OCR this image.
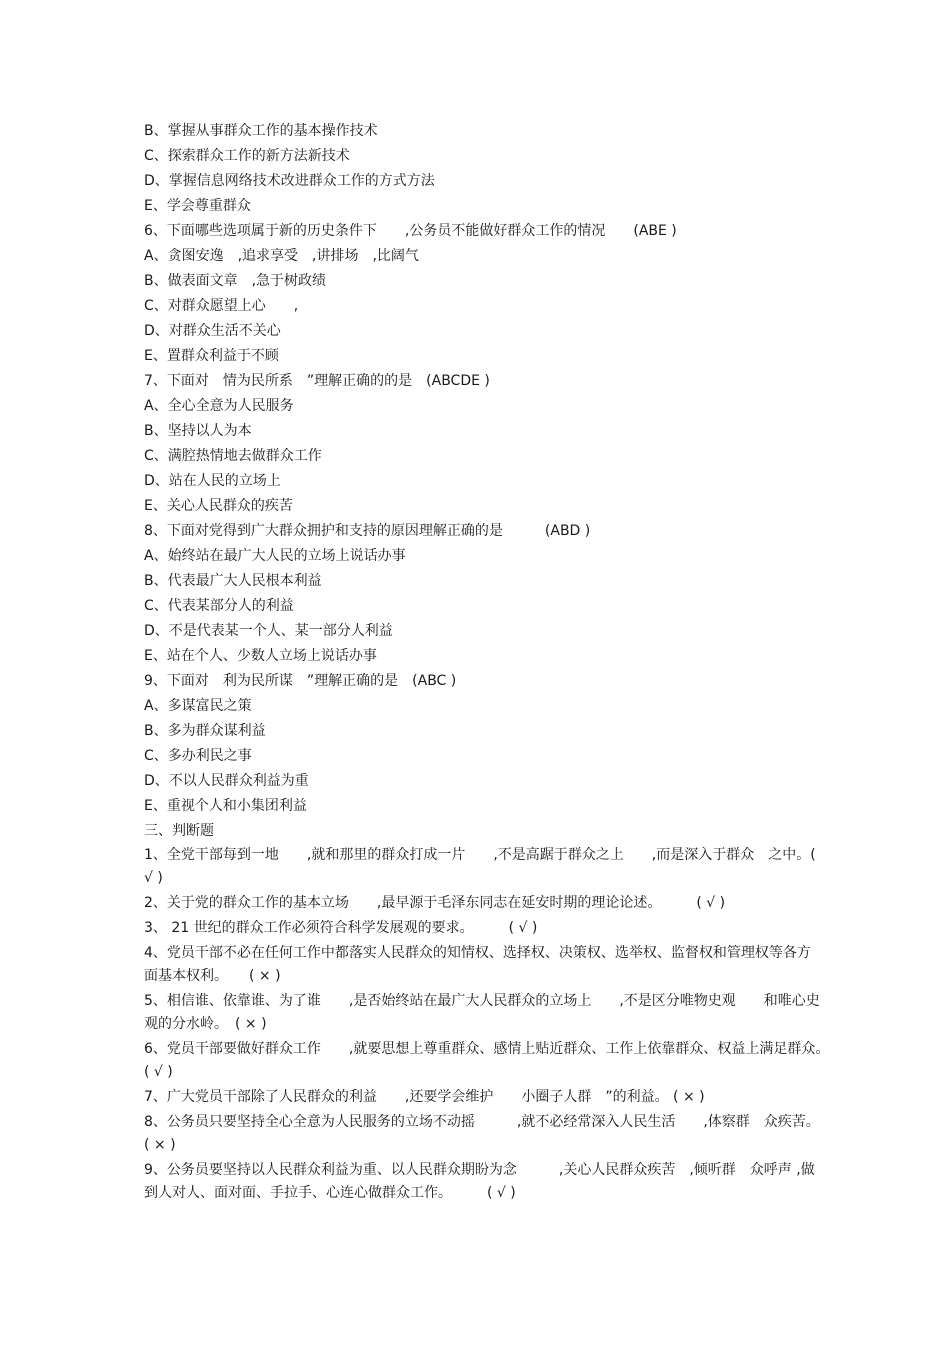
B、掌握从事群众工作的基本操作技术
C、探索群众工作的新方法新技术
D、掌握信息网络技术改进群众工作的方式方法
E、学会尊重群众
6、下面哪些选项属于新的历史条件下　　,公务员不能做好群众工作的情况　　(ABE )
A、贪图安逸　,追求享受　,讲排场　,比阔气
B、做表面文章　,急于树政绩
C、对群众愿望上心　　,
D、对群众生活不关心
E、置群众利益于不顾
7、下面对　情为民所系　”理解正确的的是　(ABCDE )
A、全心全意为人民服务
B、坚持以人为本
C、满腔热情地去做群众工作
D、站在人民的立场上
E、关心人民群众的疾苦
8、下面对党得到广大群众拥护和支持的原因理解正确的是　　　(ABD )
A、始终站在最广大人民的立场上说话办事
B、代表最广大人民根本利益
C、代表某部分人的利益
D、不是代表某一个人、某一部分人利益
E、站在个人、少数人立场上说话办事
9、下面对　利为民所谋　”理解正确的是　(ABC )
A、多谋富民之策
B、多为群众谋利益
C、多办利民之事
D、不以人民群众利益为重
E、重视个人和小集团利益
三、判断题
1、全党干部每到一地　　,就和那里的群众打成一片　　,不是高踞于群众之上　　,而是深入于群众　之中。( √ )
2、关于党的群众工作的基本立场　　,最早源于毛泽东同志在延安时期的理论论述。　　　( √ )
3、 21 世纪的群众工作必须符合科学发展观的要求。　　　( √ )
4、党员干部不必在任何工作中都落实人民群众的知情权、选择权、决策权、选举权、监督权和管理权等各方面基本权利。　　( × )
5、相信谁、依靠谁、为了谁　　,是否始终站在最广大人民群众的立场上　　,不是区分唯物史观　　和唯心史观的分水岭。　( × )
6、党员干部要做好群众工作　　,就要思想上尊重群众、感情上贴近群众、工作上依靠群众、权益上满足群众。　( √ )
7、广大党员干部除了人民群众的利益　　,还要学会维护　　小圈子人群　”的利益。 ( × )
8、公务员只要坚持全心全意为人民服务的立场不动摇　　　,就不必经常深入人民生活　　,体察群　众疾苦。 ( × )
9、公务员要坚持以人民群众利益为重、以人民群众期盼为念　　　,关心人民群众疾苦　,倾听群　众呼声 ,做到人对人、面对面、手拉手、心连心做群众工作。　　　( √ )
